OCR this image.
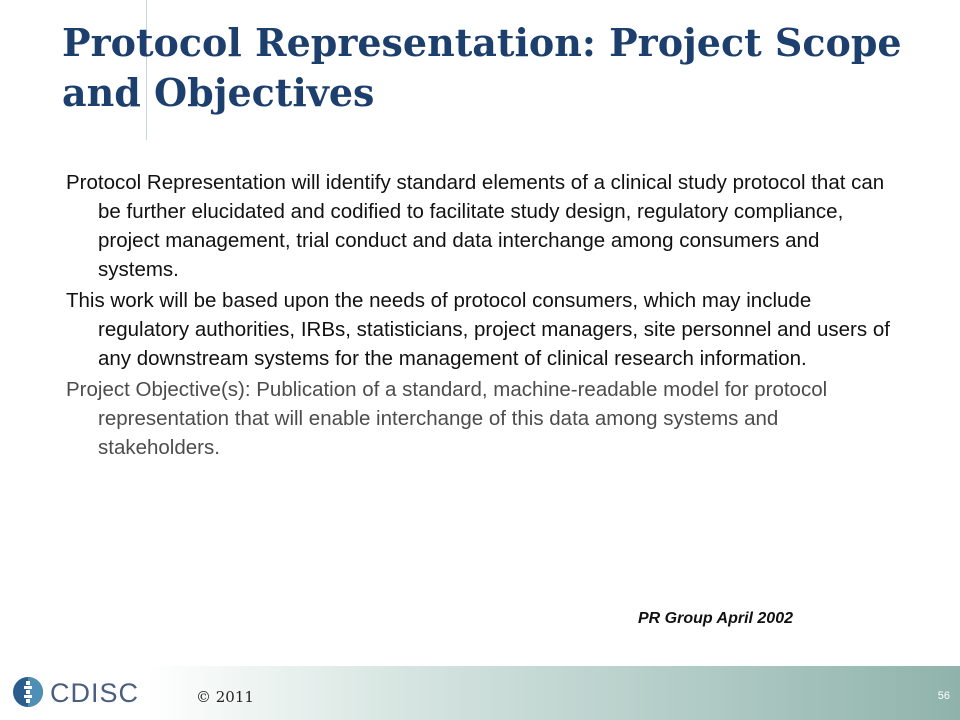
Protocol Representation: Project Scope and Objectives

Protocol Representation will identify standard elements of a clinical study protocol that can be further elucidated and codified to facilitate study design, regulatory compliance, project management, trial conduct and data interchange among consumers and systems.

This work will be based upon the needs of protocol consumers, which may include regulatory authorities, IRBs, statisticians, project managers, site personnel and users of any downstream systems for the management of clinical research information.

Project Objective(s): Publication of a standard, machine-readable model for protocol representation that will enable interchange of this data among systems and stakeholders.

PR Group April 2002

CDISC	© 2011	56
